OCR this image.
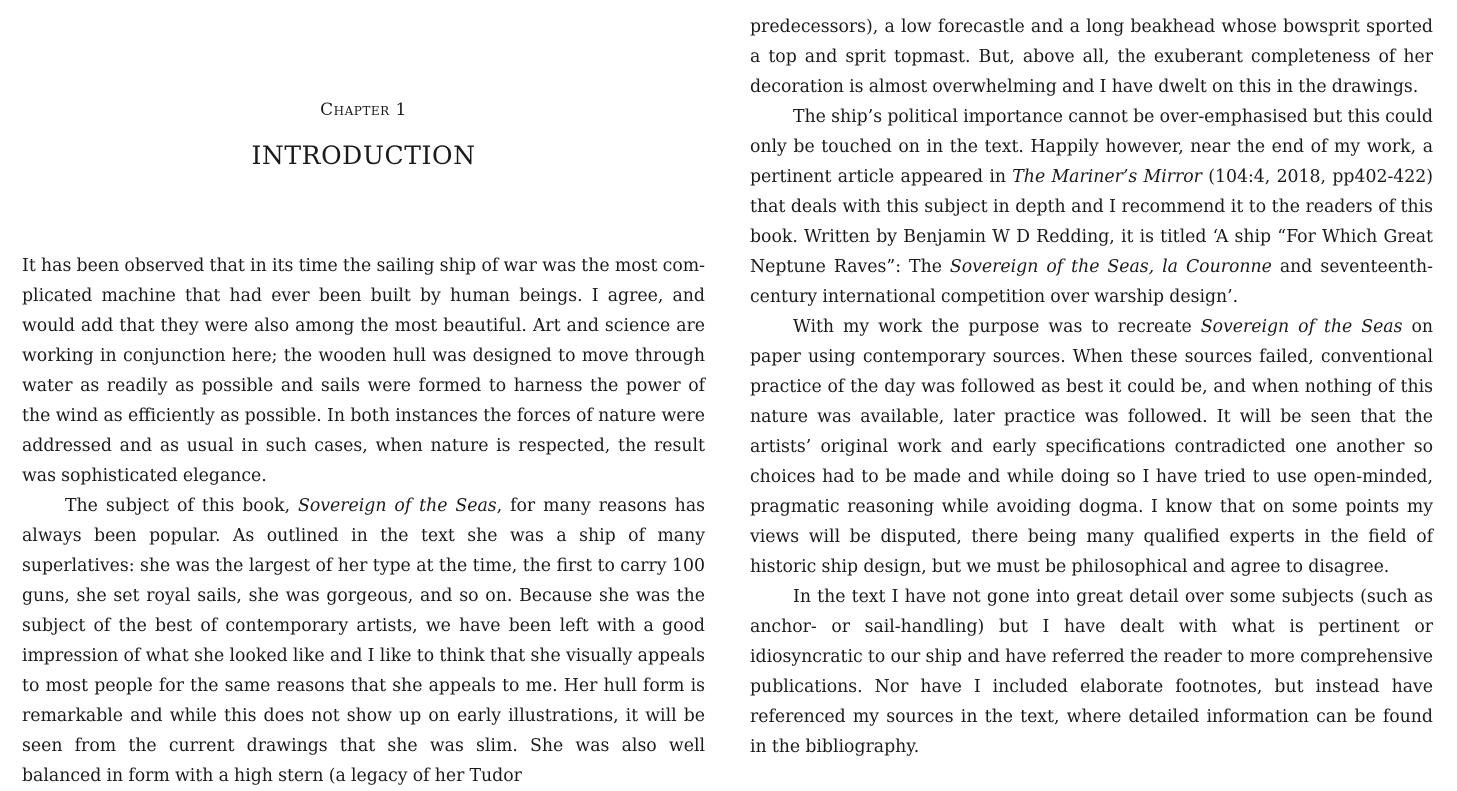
Chapter 1
INTRODUCTION

It has been observed that in its time the sailing ship of war was the most complicated machine that had ever been built by human beings. I agree, and would add that they were also among the most beautiful. Art and science are working in conjunction here; the wooden hull was designed to move through water as readily as possible and sails were formed to harness the power of the wind as efficiently as possible. In both instances the forces of nature were addressed and as usual in such cases, when nature is respected, the result was sophisticated elegance.

The subject of this book, Sovereign of the Seas, for many reasons has always been popular. As outlined in the text she was a ship of many superlatives: she was the largest of her type at the time, the first to carry 100 guns, she set royal sails, she was gorgeous, and so on. Because she was the subject of the best of contemporary artists, we have been left with a good impression of what she looked like and I like to think that she visually appeals to most people for the same reasons that she appeals to me. Her hull form is remarkable and while this does not show up on early illustrations, it will be seen from the current drawings that she was slim. She was also well balanced in form with a high stern (a legacy of her Tudor

predecessors), a low forecastle and a long beakhead whose bowsprit sported a top and sprit topmast. But, above all, the exuberant completeness of her decoration is almost overwhelming and I have dwelt on this in the drawings.

The ship’s political importance cannot be over-emphasised but this could only be touched on in the text. Happily however, near the end of my work, a pertinent article appeared in The Mariner’s Mirror (104:4, 2018, pp402-422) that deals with this subject in depth and I recommend it to the readers of this book. Written by Benjamin W D Redding, it is titled ‘A ship “For Which Great Neptune Raves”: The Sovereign of the Seas, la Couronne and seventeenth-century international competition over warship design’.

With my work the purpose was to recreate Sovereign of the Seas on paper using contemporary sources. When these sources failed, conventional practice of the day was followed as best it could be, and when nothing of this nature was available, later practice was followed. It will be seen that the artists’ original work and early specifications contradicted one another so choices had to be made and while doing so I have tried to use open-minded, pragmatic reasoning while avoiding dogma. I know that on some points my views will be disputed, there being many qualified experts in the field of historic ship design, but we must be philosophical and agree to disagree.

In the text I have not gone into great detail over some subjects (such as anchor- or sail-handling) but I have dealt with what is pertinent or idiosyncratic to our ship and have referred the reader to more comprehensive publications. Nor have I included elaborate footnotes, but instead have referenced my sources in the text, where detailed information can be found in the bibliography.
